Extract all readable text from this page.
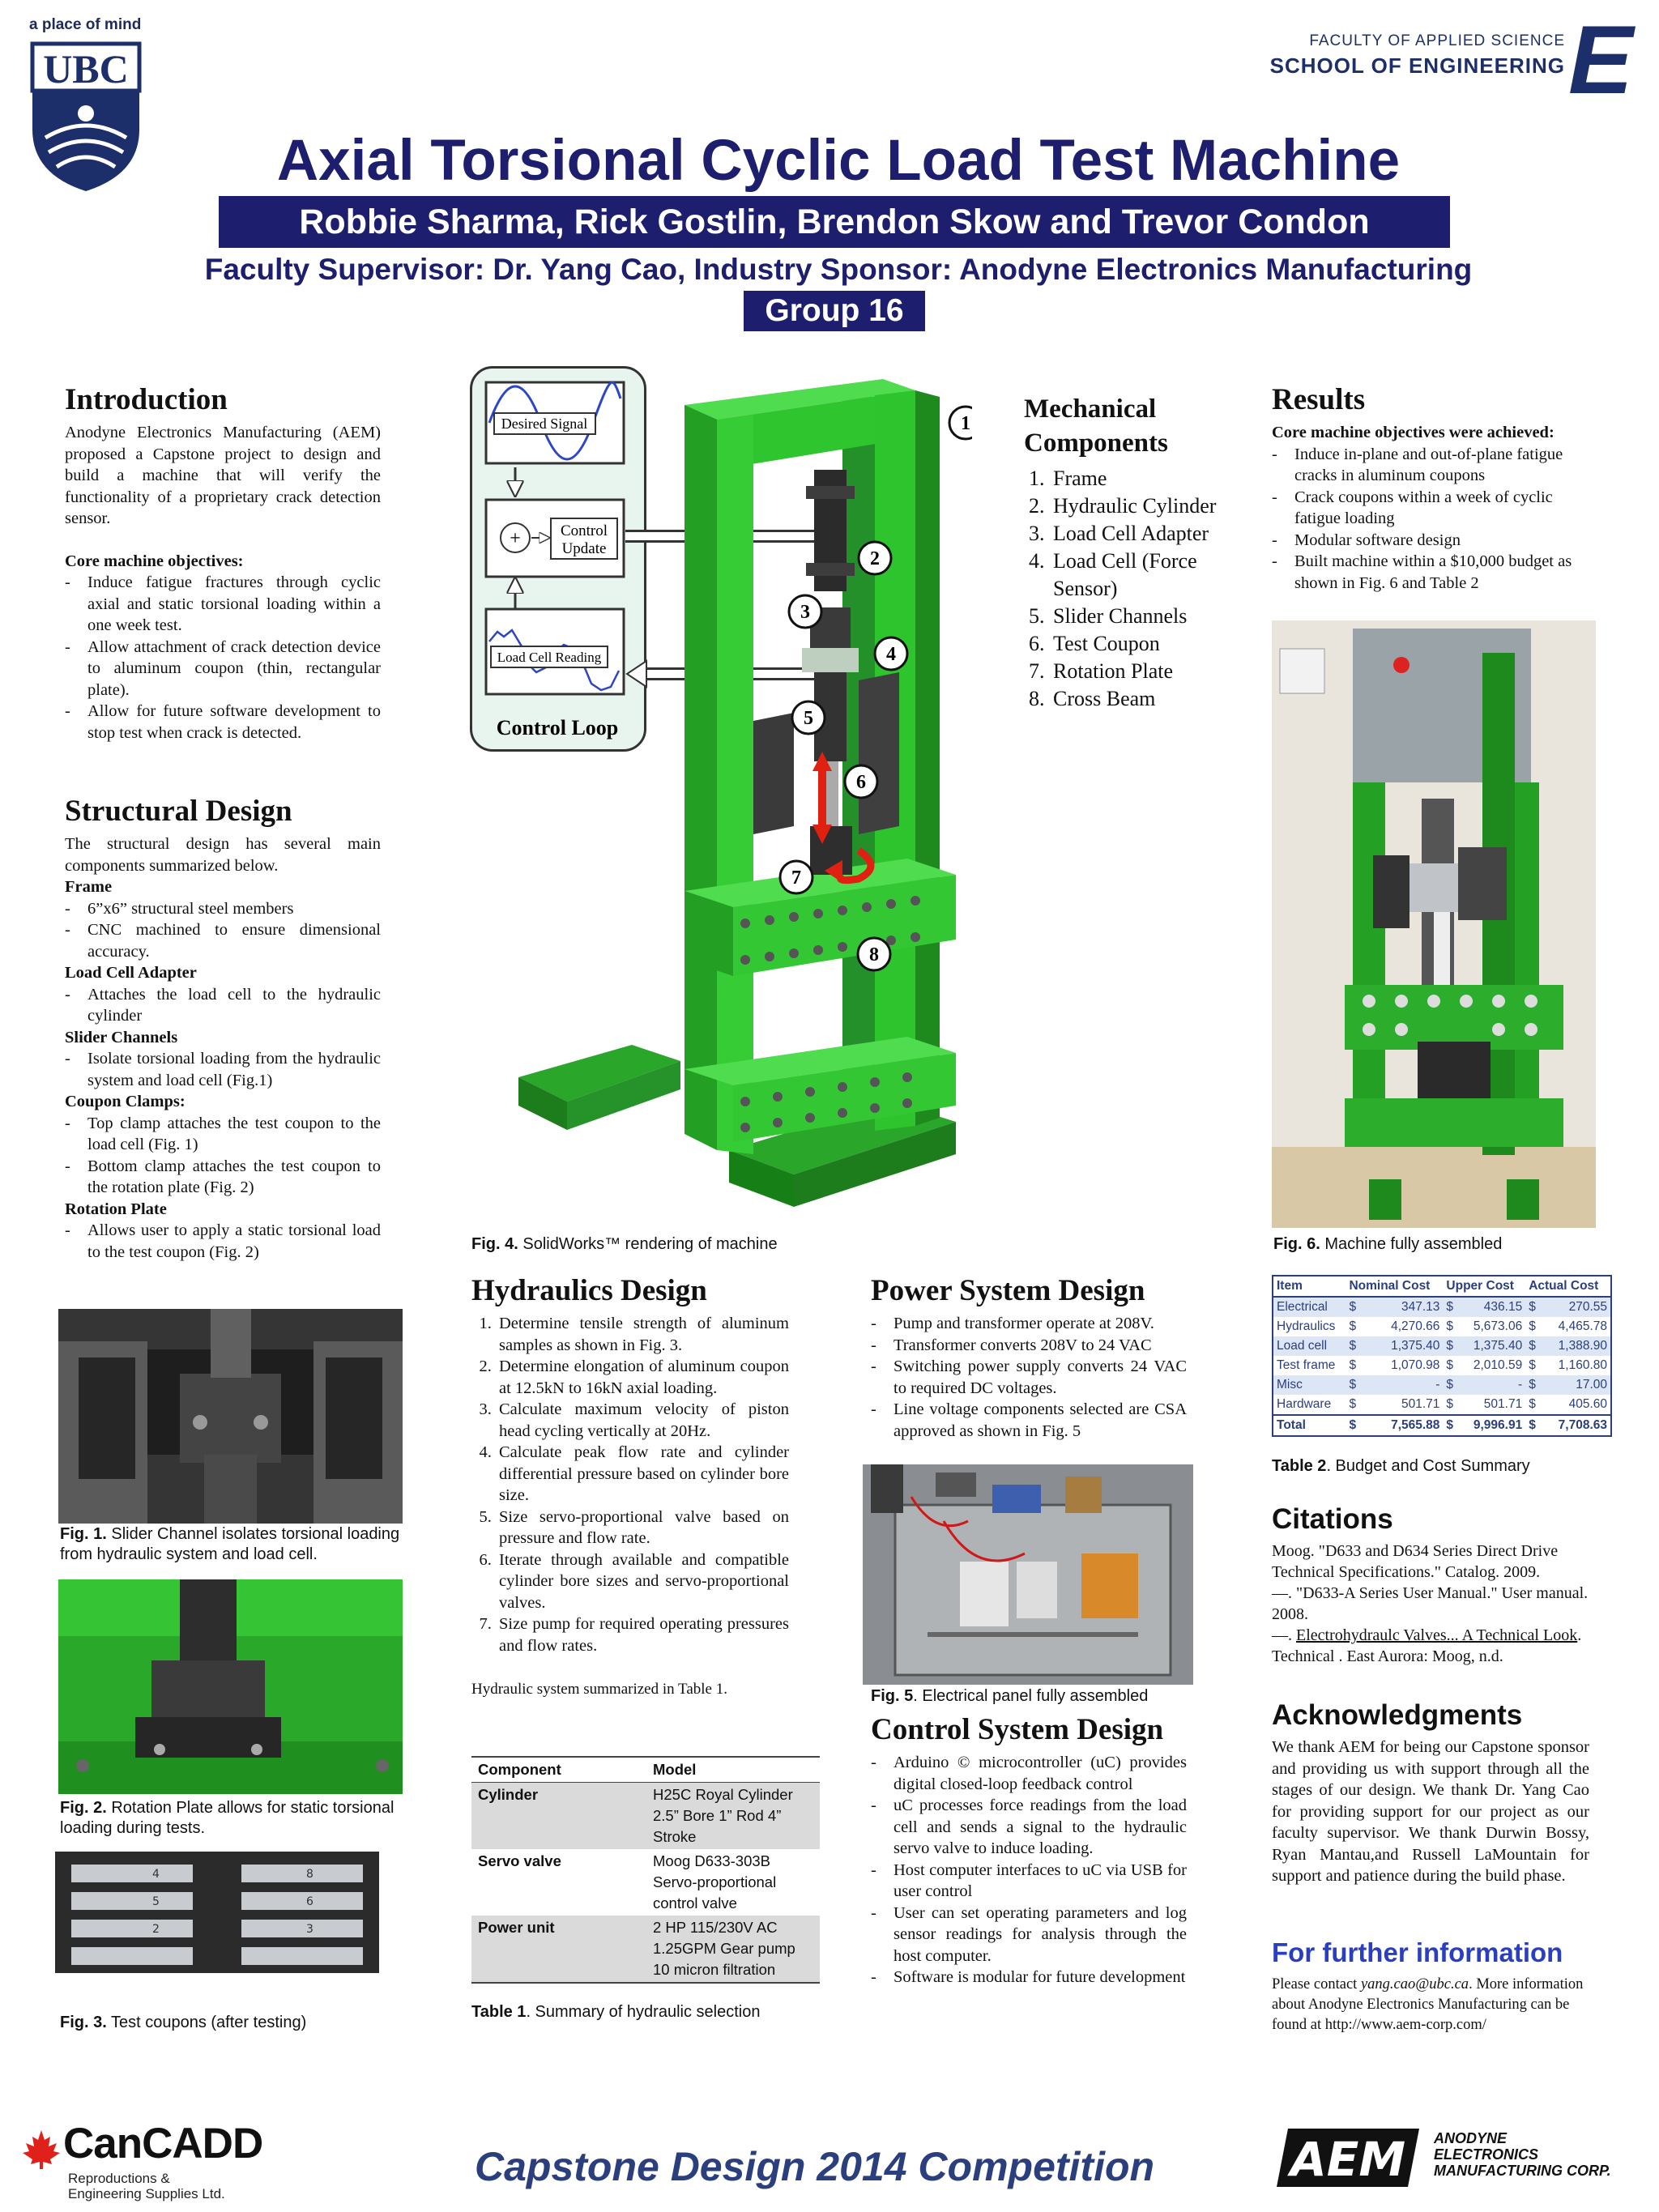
a place of mind
UBC
FACULTY OF APPLIED SCIENCE
SCHOOL OF ENGINEERING E
Axial Torsional Cyclic Load Test Machine
Robbie Sharma, Rick Gostlin, Brendon Skow and Trevor Condon
Faculty Supervisor: Dr. Yang Cao, Industry Sponsor: Anodyne Electronics Manufacturing
Group 16
Introduction

Anodyne Electronics Manufacturing (AEM) proposed a Capstone project to design and build a machine that will verify the functionality of a proprietary crack detection sensor.

Core machine objectives:

- Induce fatigue fractures through cyclic axial and static torsional loading within a one week test.
- Allow attachment of crack detection device to aluminum coupon (thin, rectangular plate).
- Allow for future software development to stop test when crack is detected.
Structural Design

The structural design has several main components summarized below.

Frame

- 6”x6” structural steel members
- CNC machined to ensure dimensional accuracy.

Load Cell Adapter

- Attaches the load cell to the hydraulic cylinder

Slider Channels

- Isolate torsional loading from the hydraulic system and load cell (Fig.1)

Coupon Clamps:

- Top clamp attaches the test coupon to the load cell (Fig. 1)
- Bottom clamp attaches the test coupon to the rotation plate (Fig. 2)

Rotation Plate

- Allows user to apply a static torsional load to the test coupon (Fig. 2)
Fig. 1. Slider Channel isolates torsional loading from hydraulic system and load cell.
Fig. 2. Rotation Plate allows for static torsional loading during tests.
4	8
5	6
2	3
Fig. 3. Test coupons (after testing)
Desired Signal
+	Control
Update
Load Cell Reading
Control Loop
1
2
3
4
5
6
7
8
Fig. 4. SolidWorks™ rendering of machine
Mechanical
Components
1. Frame
2. Hydraulic Cylinder
3. Load Cell Adapter
4. Load Cell (Force Sensor)
5. Slider Channels
6. Test Coupon
7. Rotation Plate
8. Cross Beam
Hydraulics Design
1. Determine tensile strength of aluminum samples as shown in Fig. 3.
2. Determine elongation of aluminum coupon at 12.5kN to 16kN axial loading.
3. Calculate maximum velocity of piston head cycling vertically at 20Hz.
4. Calculate peak flow rate and cylinder differential pressure based on cylinder bore size.
5. Size servo-proportional valve based on pressure and flow rate.
6. Iterate through available and compatible cylinder bore sizes and servo-proportional valves.
7. Size pump for required operating pressures and flow rates.
Hydraulic system summarized in Table 1.
Component	Model
Cylinder	H25C Royal Cylinder
2.5” Bore 1” Rod 4”
Stroke

Servo valve	Moog D633-303B
Servo-proportional
control valve

Power unit	2 HP 115/230V AC
1.25GPM Gear pump
10 micron filtration
Table 1. Summary of hydraulic selection
Power System Design
- Pump and transformer operate at 208V.
- Transformer converts 208V to 24 VAC
- Switching power supply converts 24 VAC to required DC voltages.
- Line voltage components selected are CSA approved as shown in Fig. 5
Fig. 5. Electrical panel fully assembled
Control System Design
- Arduino © microcontroller (uC) provides digital closed-loop feedback control
- uC processes force readings from the load cell and sends a signal to the hydraulic servo valve to induce loading.
- Host computer interfaces to uC via USB for user control
- User can set operating parameters and log sensor readings for analysis through the host computer.
- Software is modular for future development
Results

Core machine objectives were achieved:

- Induce in-plane and out-of-plane fatigue cracks in aluminum coupons
- Crack coupons within a week of cyclic fatigue loading
- Modular software design
- Built machine within a $10,000 budget as shown in Fig. 6 and Table 2
Fig. 6. Machine fully assembled
Item	Nominal Cost		Upper Cost		Actual Cost	
Electrical	$	347.13	$	436.15	$	270.55
Hydraulics	$	4,270.66	$	5,673.06	$	4,465.78
Load cell	$	1,375.40	$	1,375.40	$	1,388.90
Test frame	$	1,070.98	$	2,010.59	$	1,160.80
Misc	$	-	$	-	$	17.00
Hardware	$	501.71	$	501.71	$	405.60
Total	$	7,565.88	$	9,996.91	$	7,708.63
Table 2. Budget and Cost Summary
Citations
Moog. "D633 and D634 Series Direct Drive Technical Specifications." Catalog. 2009.
—. "D633-A Series User Manual." User manual. 2008.
—. Electrohydraulc Valves... A Technical Look. Technical . East Aurora: Moog, n.d.
Acknowledgments
We thank AEM for being our Capstone sponsor and providing us with support through all the stages of our design. We thank Dr. Yang Cao for providing support for our project as our faculty supervisor. We thank Durwin Bossy, Ryan Mantau,and Russell LaMountain for support and patience during the build phase.
For further information
Please contact yang.cao@ubc.ca. More information about Anodyne Electronics Manufacturing can be found at http://www.aem-corp.com/
CanCADD
Reproductions &
Engineering Supplies Ltd.
Capstone Design 2014 Competition	AEM ANODYNE
ELECTRONICS
MANUFACTURING CORP.
